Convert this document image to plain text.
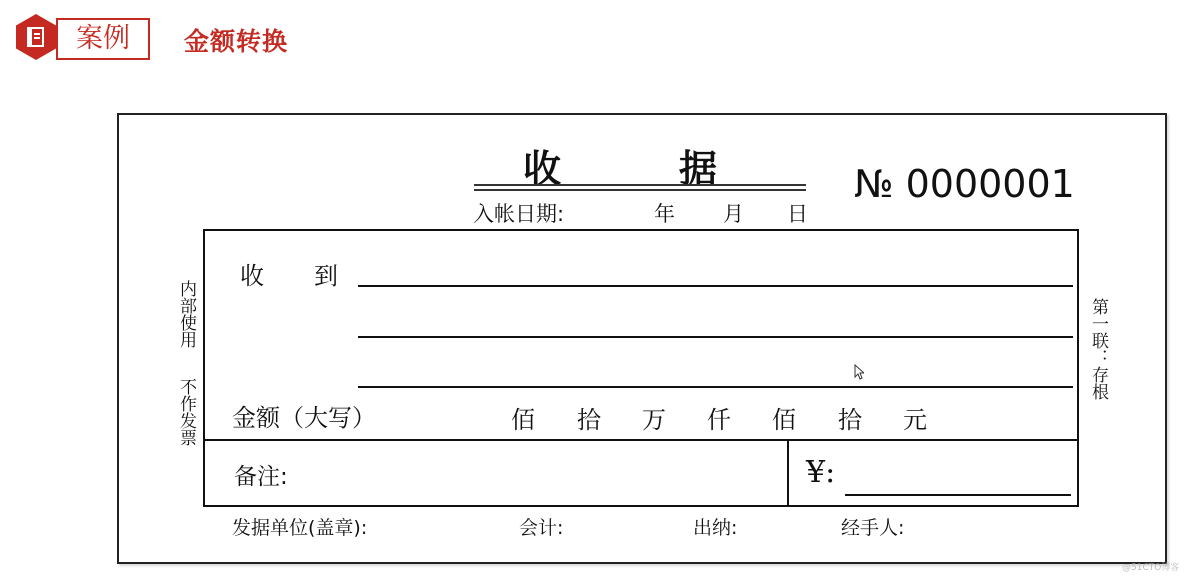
案例	金额转换
收	据
入帐日期:	年 月 日
№ 0000001
收 到
金额（大写）	佰 拾 万 仟 佰 拾 元
备注:	¥:
发据单位(盖章):	会计:	出纳:	经手人:
内部使用
不作发票
第一联：存根
@51CTO博客
